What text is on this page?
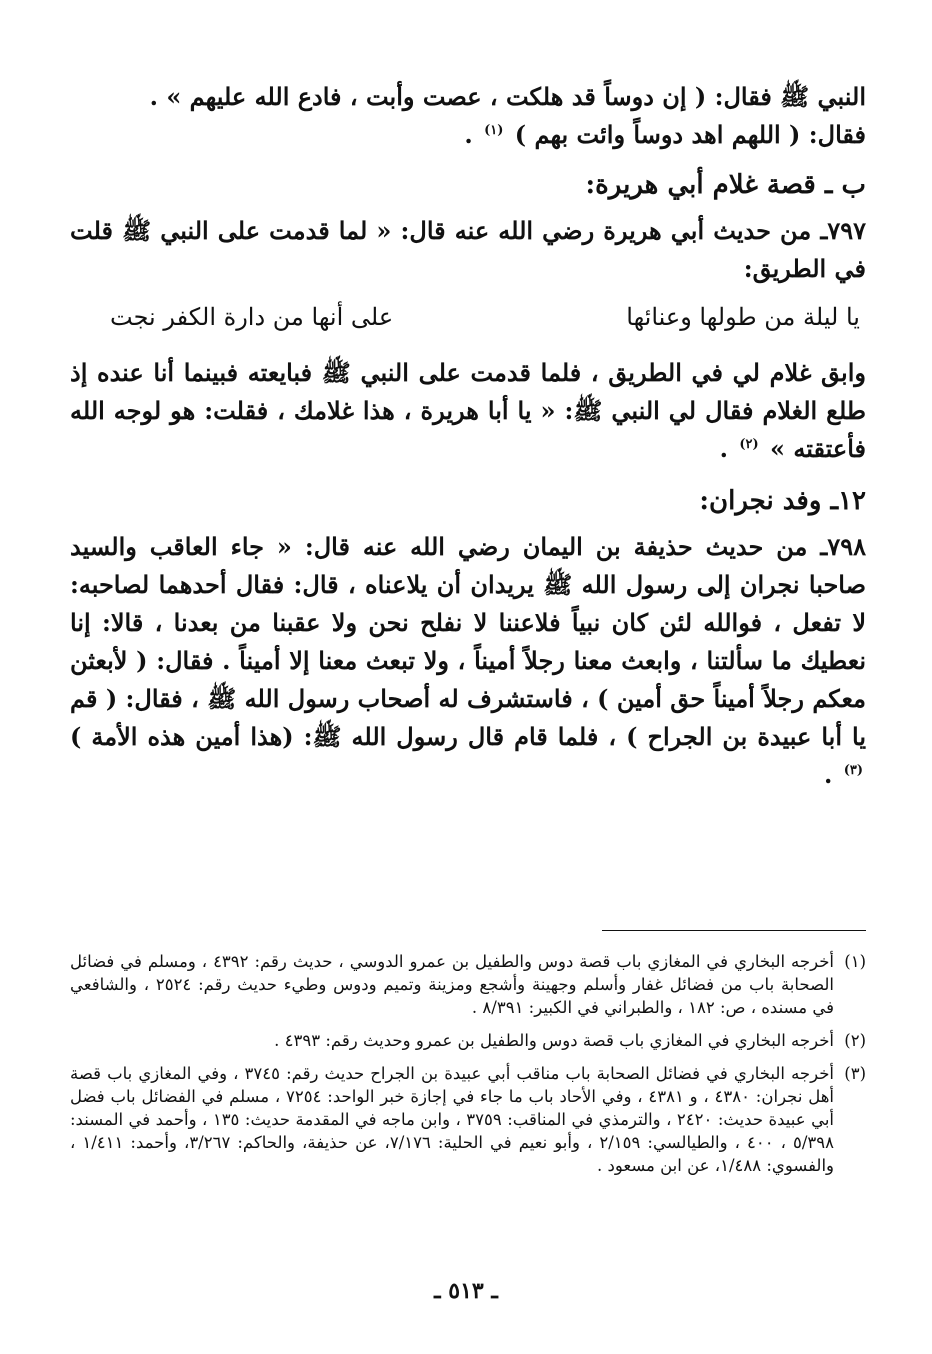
النبي ﷺ فقال: ( إن دوساً قد هلكت ، عصت وأبت ، فادع الله عليهم » .
فقال: ( اللهم اهد دوساً وائت بهم ) $^{(١)}$ .

ب ـ قصة غلام أبي هريرة:

٧٩٧ـ من حديث أبي هريرة رضي الله عنه قال: « لما قدمت على النبي ﷺ قلت في الطريق:

يا ليلة من طولها وعنائها
على أنها من دارة الكفر نجت

وابق غلام لي في الطريق ، فلما قدمت على النبي ﷺ فبايعته فبينما أنا عنده إذ طلع الغلام فقال لي النبي ﷺ: « يا أبا هريرة ، هذا غلامك ، فقلت: هو لوجه الله فأعتقته » $^{(٢)}$ .

١٢ـ وفد نجران:

٧٩٨ـ من حديث حذيفة بن اليمان رضي الله عنه قال: « جاء العاقب والسيد صاحبا نجران إلى رسول الله ﷺ يريدان أن يلاعناه ، قال: فقال أحدهما لصاحبه: لا تفعل ، فوالله لئن كان نبياً فلاعننا لا نفلح نحن ولا عقبنا من بعدنا ، قالا: إنا نعطيك ما سألتنا ، وابعث معنا رجلاً أميناً ، ولا تبعث معنا إلا أميناً . فقال: ( لأبعثن معكم رجلاً أميناً حق أمين ) ، فاستشرف له أصحاب رسول الله ﷺ ، فقال: ( قم يا أبا عبيدة بن الجراح ) ، فلما قام قال رسول الله ﷺ: (هذا أمين هذه الأمة ) $^{(٣)}$ .

(١)
أخرجه البخاري في المغازي باب قصة دوس والطفيل بن عمرو الدوسي ، حديث رقم: ٤٣٩٢ ، ومسلم في فضائل الصحابة باب من فضائل غفار وأسلم وجهينة وأشجع ومزينة وتميم ودوس وطيء حديث رقم: ٢٥٢٤ ، والشافعي في مسنده ، ص: ١٨٢ ، والطبراني في الكبير: ٨/٣٩١ .

(٢)
أخرجه البخاري في المغازي باب قصة دوس والطفيل بن عمرو وحديث رقم: ٤٣٩٣ .

(٣)
أخرجه البخاري في فضائل الصحابة باب مناقب أبي عبيدة بن الجراح حديث رقم: ٣٧٤٥ ، وفي المغازي باب قصة أهل نجران: ٤٣٨٠ ، و ٤٣٨١ ، وفي الأحاد باب ما جاء في إجازة خبر الواحد: ٧٢٥٤ ، مسلم في الفضائل باب فضل أبي عبيدة حديث: ٢٤٢٠ ، والترمذي في المناقب: ٣٧٥٩ ، وابن ماجه في المقدمة حديث: ١٣٥ ، وأحمد في المسند: ٥/٣٩٨ ، ٤٠٠ ، والطيالسي: ٢/١٥٩ ، وأبو نعيم في الحلية: ٧/١٧٦، عن حذيفة، والحاكم: ٣/٢٦٧، وأحمد: ١/٤١١ ، والفسوي: ١/٤٨٨، عن ابن مسعود .

ـ ٥١٣ ـ
